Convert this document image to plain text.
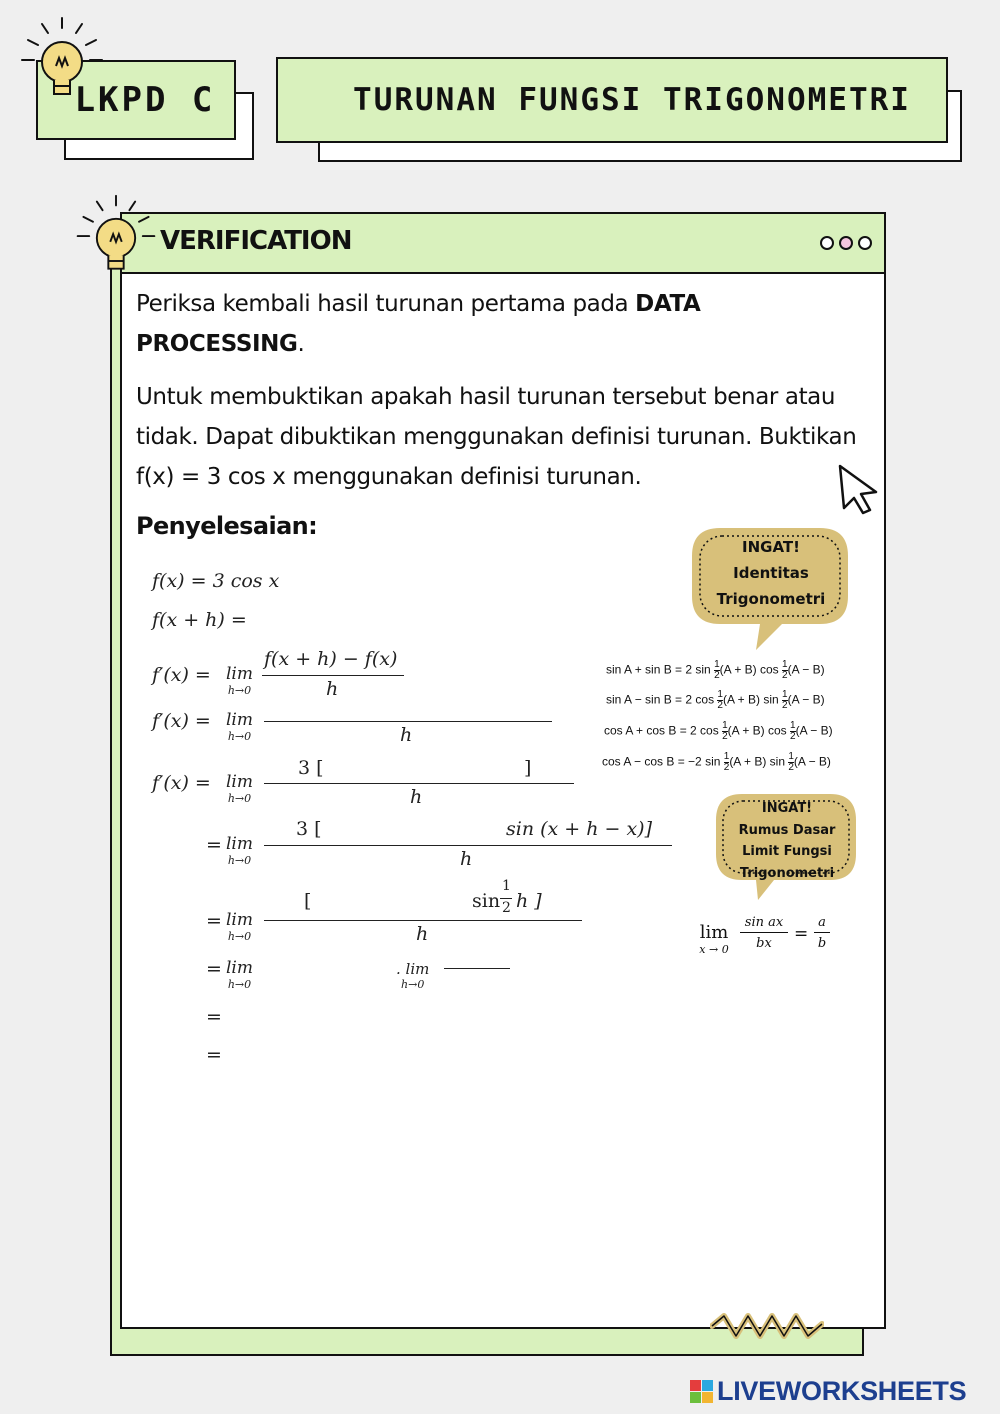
LKPD C	TURUNAN FUNGSI TRIGONOMETRI
VERIFICATION
Periksa kembali hasil turunan pertama pada DATA PROCESSING.
Untuk membuktikan apakah hasil turunan tersebut benar atau tidak. Dapat dibuktikan menggunakan definisi turunan. Buktikan f(x) = 3 cos x menggunakan definisi turunan.
Penyelesaian:
f(x) = 3 cos x
f(x + h) =
f′(x) = lim
h→0
f(x + h) − f(x)
h
f′(x) = lim
h→0	h
f′(x) = lim
h→0
3 [	]
h
= lim
h→0
3 [	sin (x + h − x)]
h
= lim
h→0
[	sin
1
2 h ]
h
= lim
h→0
. lim
h→0
=
=
INGAT!
Identitas
Trigonometri
sin A + sin B = 2 $\sin \frac{1}{2} (A + B)$ $\cos \frac{1}{2} (A - B)$
sin A − sin B = 2 $\cos \frac{1}{2} (A + B)$ $\sin \frac{1}{2} (A - B)$
cos A + cos B = 2 $\cos \frac{1}{2} (A + B)$ $\cos \frac{1}{2} (A - B)$
cos A − cos B = −2 $\sin \frac{1}{2} (A + B)$ $\sin \frac{1}{2} (A - B)$
INGAT!
Rumus Dasar
Limit Fungsi
Trigonometri
lim
$x \to 0 \frac{\text{sin ax}}{bx} = \frac{a}{b}$
LIVEWORKSHEETS
